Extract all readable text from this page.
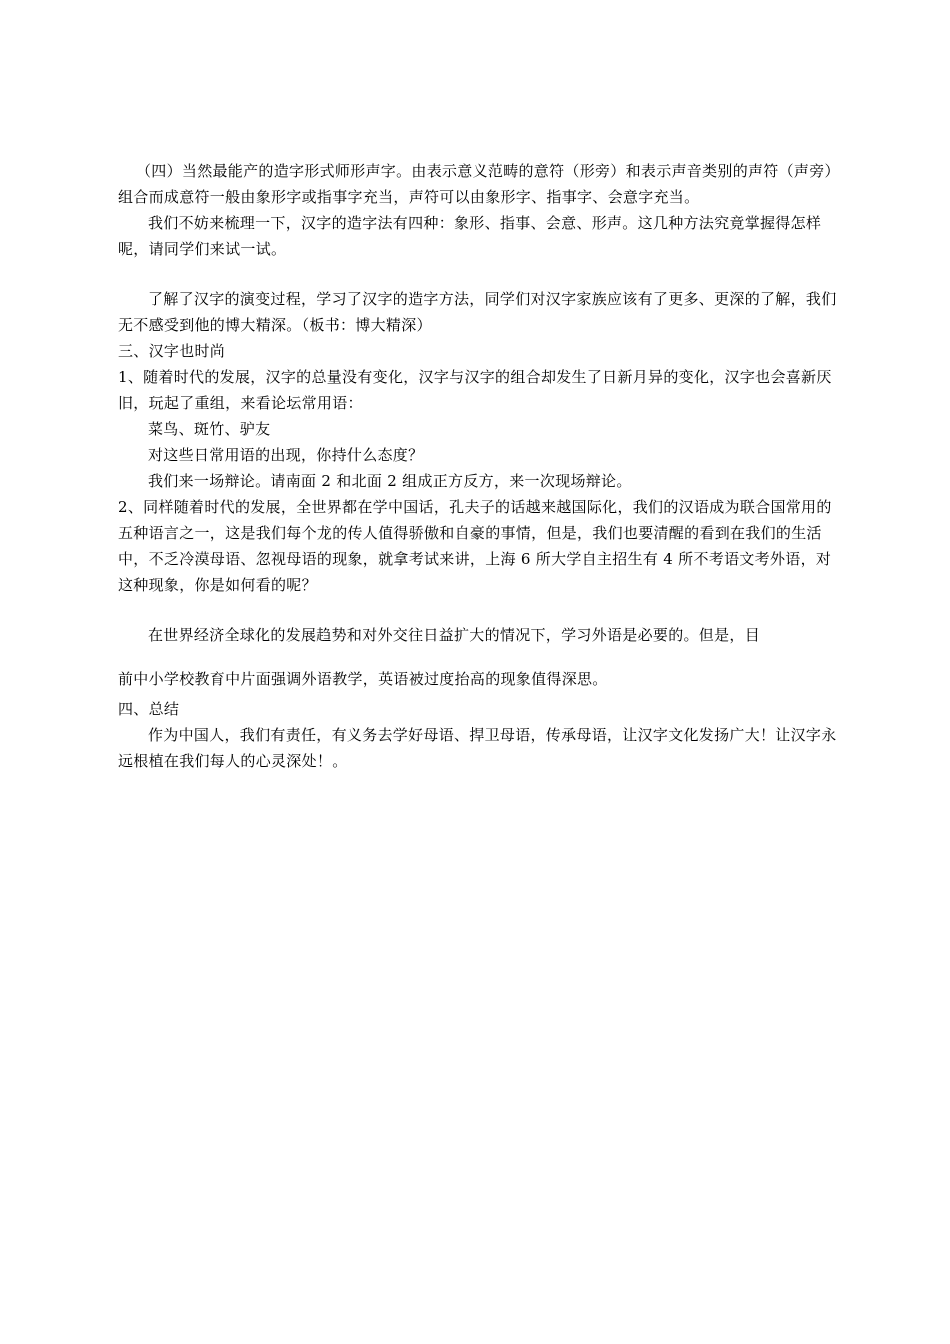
（四）当然最能产的造字形式师形声字。由表示意义范畴的意符（形旁）和表示声音类别的声符（声旁）组合而成意符一般由象形字或指事字充当，声符可以由象形字、指事字、会意字充当。

我们不妨来梳理一下，汉字的造字法有四种：象形、指事、会意、形声。这几种方法究竟掌握得怎样呢，请同学们来试一试。

了解了汉字的演变过程，学习了汉字的造字方法，同学们对汉字家族应该有了更多、更深的了解，我们无不感受到他的博大精深。（板书：博大精深）

三、汉字也时尚

1、随着时代的发展，汉字的总量没有变化，汉字与汉字的组合却发生了日新月异的变化，汉字也会喜新厌旧，玩起了重组，来看论坛常用语：

菜鸟、斑竹、驴友

对这些日常用语的出现，你持什么态度？

我们来一场辩论。请南面 2 和北面 2 组成正方反方，来一次现场辩论。

2、同样随着时代的发展，全世界都在学中国话，孔夫子的话越来越国际化，我们的汉语成为联合国常用的五种语言之一，这是我们每个龙的传人值得骄傲和自豪的事情，但是，我们也要清醒的看到在我们的生活中，不乏冷漠母语、忽视母语的现象，就拿考试来讲，上海 6 所大学自主招生有 4 所不考语文考外语，对这种现象，你是如何看的呢？

在世界经济全球化的发展趋势和对外交往日益扩大的情况下，学习外语是必要的。但是，目

前中小学校教育中片面强调外语教学，英语被过度抬高的现象值得深思。

四、总结

作为中国人，我们有责任，有义务去学好母语、捍卫母语，传承母语，让汉字文化发扬广大！让汉字永远根植在我们每人的心灵深处！。
